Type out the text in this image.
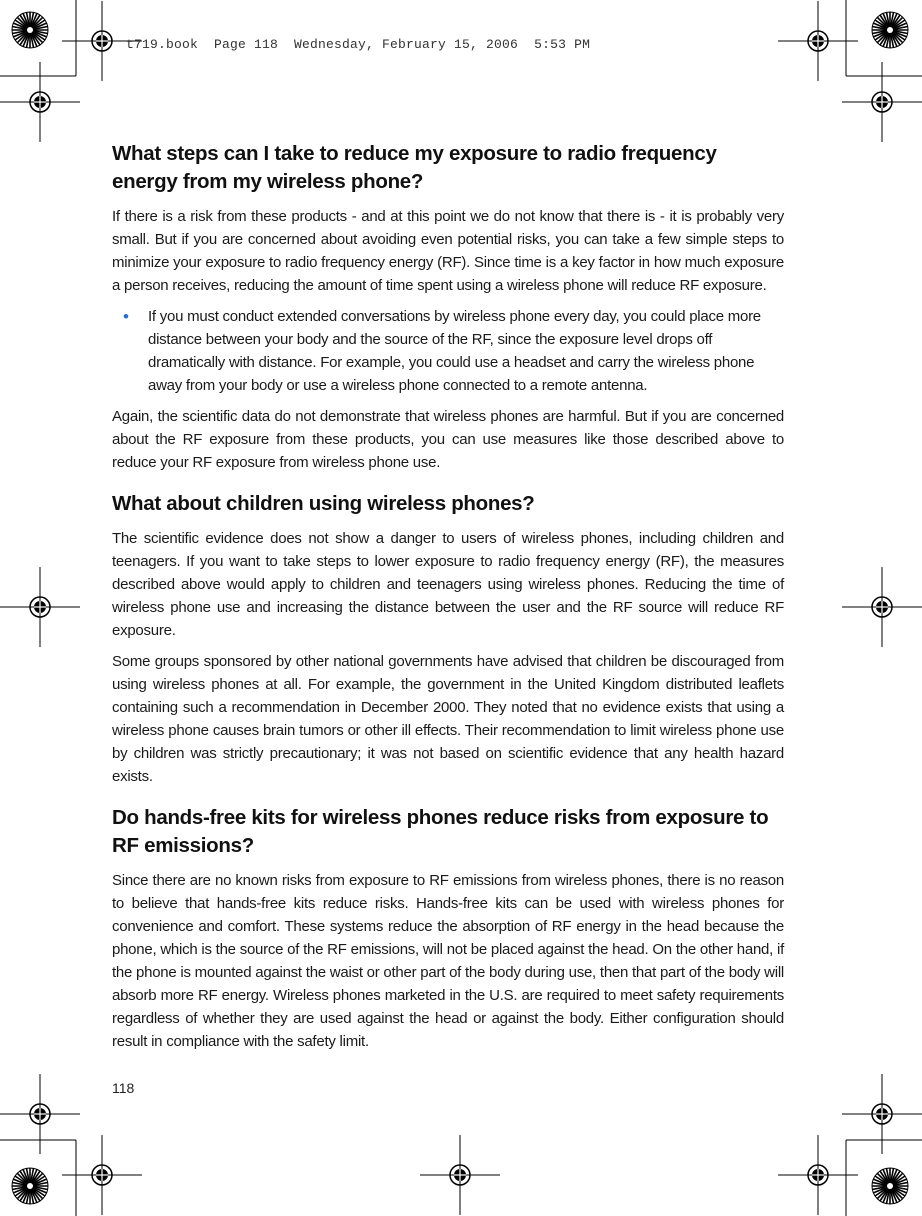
t719.book  Page 118  Wednesday, February 15, 2006  5:53 PM
What steps can I take to reduce my exposure to radio frequency energy from my wireless phone?

If there is a risk from these products - and at this point we do not know that there is - it is probably very small. But if you are concerned about avoiding even potential risks, you can take a few simple steps to minimize your exposure to radio frequency energy (RF). Since time is a key factor in how much exposure a person receives, reducing the amount of time spent using a wireless phone will reduce RF exposure.

• If you must conduct extended conversations by wireless phone every day, you could place more distance between your body and the source of the RF, since the exposure level drops off dramatically with distance. For example, you could use a headset and carry the wireless phone away from your body or use a wireless phone connected to a remote antenna.

Again, the scientific data do not demonstrate that wireless phones are harmful. But if you are concerned about the RF exposure from these products, you can use measures like those described above to reduce your RF exposure from wireless phone use.

What about children using wireless phones?

The scientific evidence does not show a danger to users of wireless phones, including children and teenagers. If you want to take steps to lower exposure to radio frequency energy (RF), the measures described above would apply to children and teenagers using wireless phones. Reducing the time of wireless phone use and increasing the distance between the user and the RF source will reduce RF exposure.

Some groups sponsored by other national governments have advised that children be discouraged from using wireless phones at all. For example, the government in the United Kingdom distributed leaflets containing such a recommendation in December 2000. They noted that no evidence exists that using a wireless phone causes brain tumors or other ill effects. Their recommendation to limit wireless phone use by children was strictly precautionary; it was not based on scientific evidence that any health hazard exists.

Do hands-free kits for wireless phones reduce risks from exposure to RF emissions?

Since there are no known risks from exposure to RF emissions from wireless phones, there is no reason to believe that hands-free kits reduce risks. Hands-free kits can be used with wireless phones for convenience and comfort. These systems reduce the absorption of RF energy in the head because the phone, which is the source of the RF emissions, will not be placed against the head. On the other hand, if the phone is mounted against the waist or other part of the body during use, then that part of the body will absorb more RF energy. Wireless phones marketed in the U.S. are required to meet safety requirements regardless of whether they are used against the head or against the body. Either configuration should result in compliance with the safety limit.

118
